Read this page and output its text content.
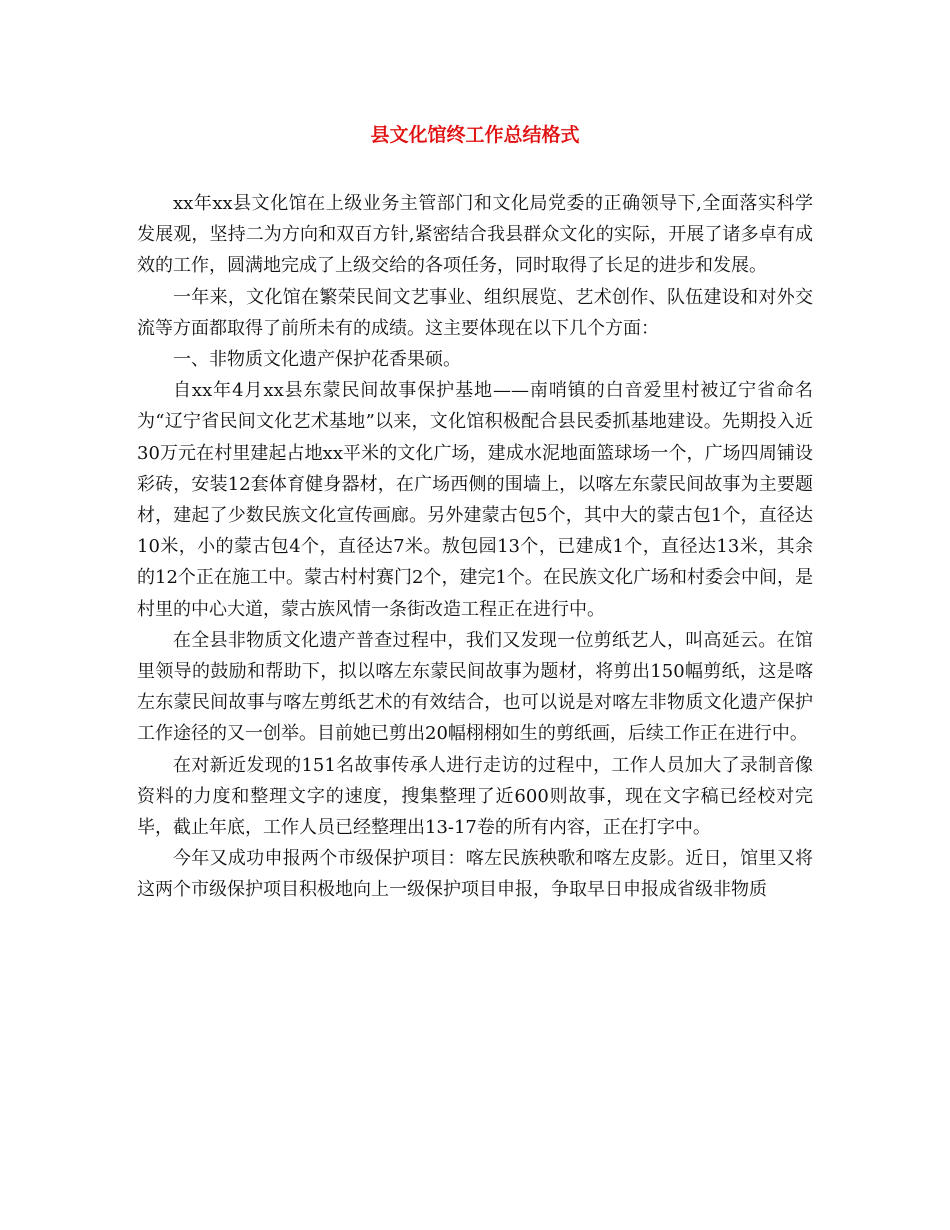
县文化馆终工作总结格式

xx年xx县文化馆在上级业务主管部门和文化局党委的正确领导下,全面落实科学发展观，坚持二为方向和双百方针,紧密结合我县群众文化的实际，开展了诸多卓有成效的工作，圆满地完成了上级交给的各项任务，同时取得了长足的进步和发展。

一年来，文化馆在繁荣民间文艺事业、组织展览、艺术创作、队伍建设和对外交流等方面都取得了前所未有的成绩。这主要体现在以下几个方面：

一、非物质文化遗产保护花香果硕。

自xx年4月xx县东蒙民间故事保护基地——南哨镇的白音爱里村被辽宁省命名为“辽宁省民间文化艺术基地”以来，文化馆积极配合县民委抓基地建设。先期投入近30万元在村里建起占地xx平米的文化广场，建成水泥地面篮球场一个，广场四周铺设彩砖，安装12套体育健身器材，在广场西侧的围墙上，以喀左东蒙民间故事为主要题材，建起了少数民族文化宣传画廊。另外建蒙古包5个，其中大的蒙古包1个，直径达10米，小的蒙古包4个，直径达7米。敖包园13个，已建成1个，直径达13米，其余的12个正在施工中。蒙古村村赛门2个，建完1个。在民族文化广场和村委会中间，是村里的中心大道，蒙古族风情一条街改造工程正在进行中。

在全县非物质文化遗产普查过程中，我们又发现一位剪纸艺人，叫高延云。在馆里领导的鼓励和帮助下，拟以喀左东蒙民间故事为题材，将剪出150幅剪纸，这是喀左东蒙民间故事与喀左剪纸艺术的有效结合，也可以说是对喀左非物质文化遗产保护工作途径的又一创举。目前她已剪出20幅栩栩如生的剪纸画，后续工作正在进行中。

在对新近发现的151名故事传承人进行走访的过程中，工作人员加大了录制音像资料的力度和整理文字的速度，搜集整理了近600则故事，现在文字稿已经校对完毕，截止年底，工作人员已经整理出13-17卷的所有内容，正在打字中。

今年又成功申报两个市级保护项目：喀左民族秧歌和喀左皮影。近日，馆里又将这两个市级保护项目积极地向上一级保护项目申报，争取早日申报成省级非物质
